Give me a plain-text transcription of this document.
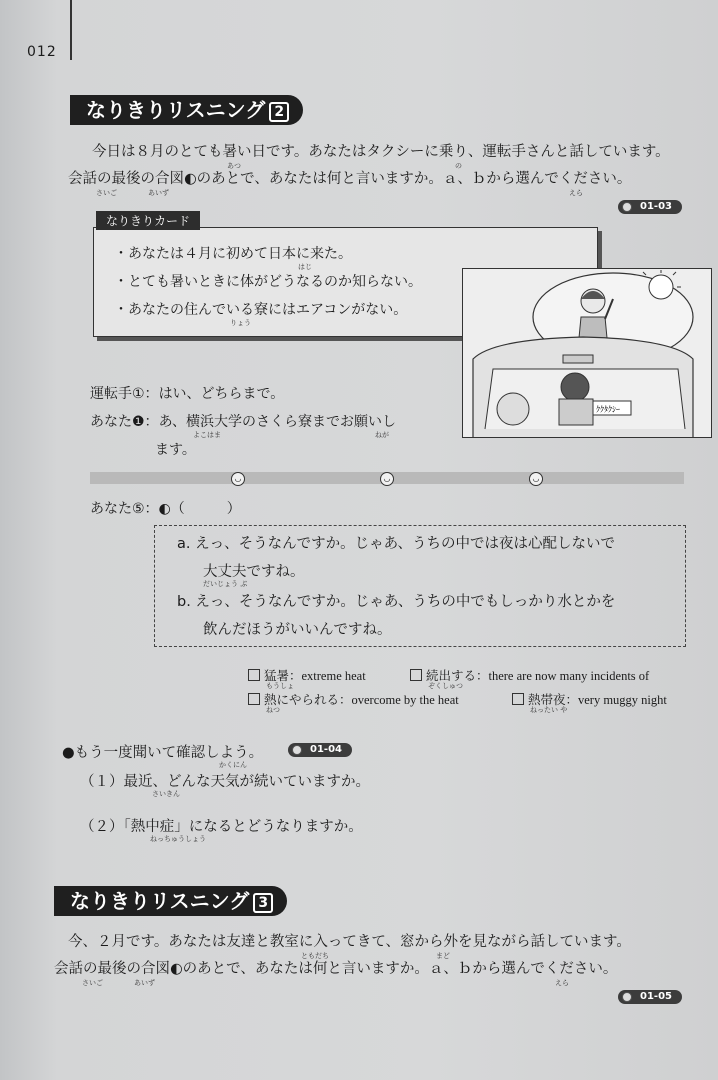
012
なりきりリスニング 2
今日は８月のとても暑い日です。あなたはタクシーに乗り、運転手さんと話しています。
あつ	の
会話の最後の合図◐のあとで、あなたは何と言いますか。ａ、ｂから選んでください。
さいご	あいず	えら
01-03
・あなたは４月に初めて日本に来た。
はじ
・とても暑いときに体がどうなるのか知らない。
・あなたの住んでいる寮にはエアコンがない。
りょう
なりきりカード
ｸｸﾀｸｼｰ
運転手①：はい、どちらまで。
あなた❶：あ、横浜大学のさくら寮までお願いし
よこはま	ねが
ます。
◡	◡	◡
あなた⑤：◐（　　　）
a. えっ、そうなんですか。じゃあ、うちの中では夜は心配しないで
大丈夫ですね。
だいじょう ぶ
b. えっ、そうなんですか。じゃあ、うちの中でもしっかり水とかを
飲んだほうがいいんですね。
猛暑：extreme heat
もうしょ
続出する：there are now many incidents of
ぞくしゅつ
熱にやられる：overcome by the heat
ねつ
熱帯夜：very muggy night
ねったい や
●もう一度聞いて確認しよう。
かくにん
01-04
（１）最近、どんな天気が続いていますか。
さいきん
（２）「熱中症」になるとどうなりますか。
ねっちゅうしょう
なりきりリスニング 3
今、２月です。あなたは友達と教室に入ってきて、窓から外を見ながら話しています。
ともだち	まど
会話の最後の合図◐のあとで、あなたは何と言いますか。ａ、ｂから選んでください。
さいご	あいず	えら
01-05
